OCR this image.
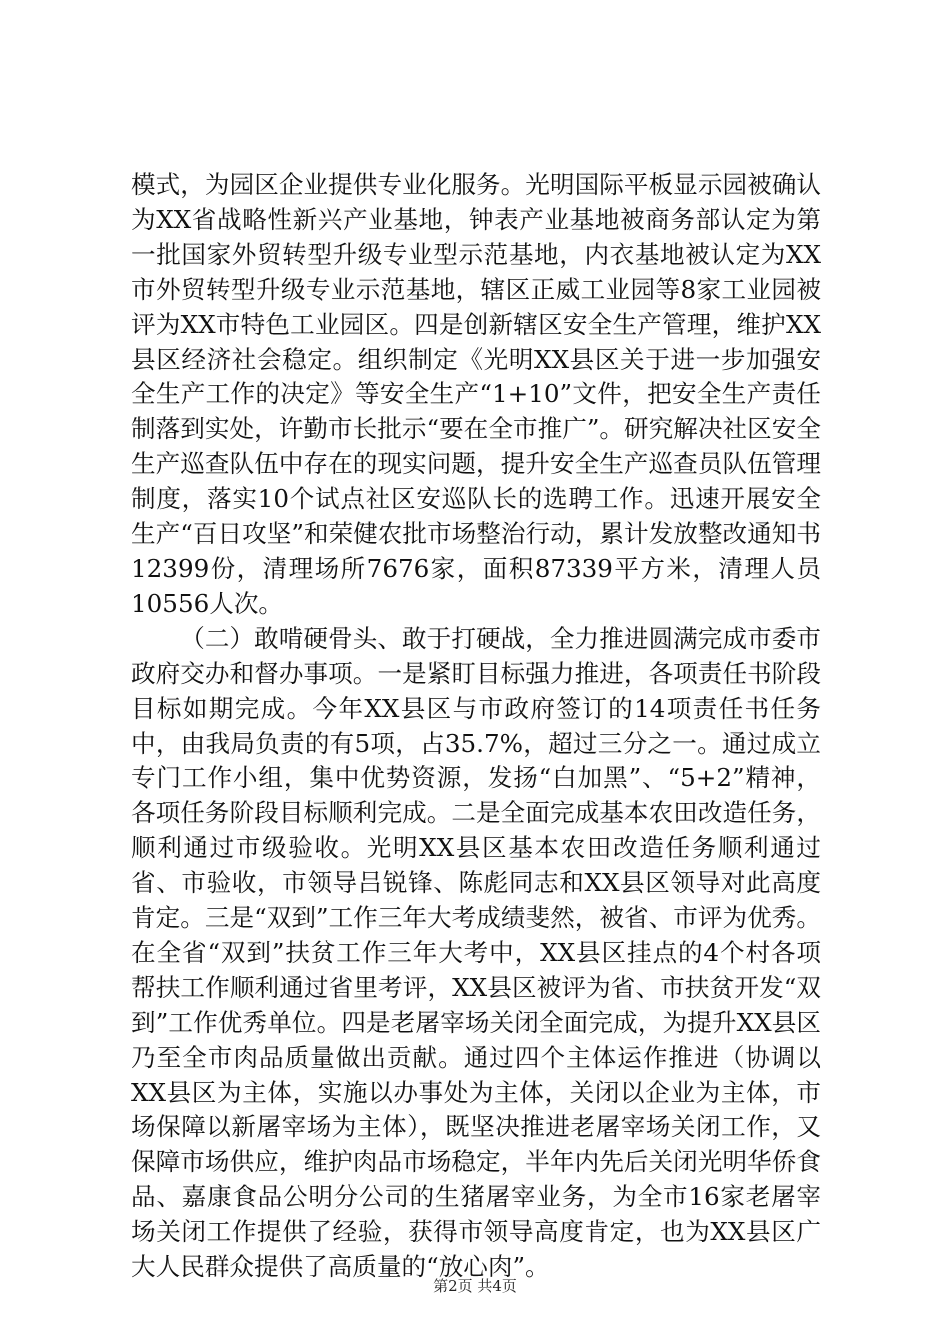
模式，为园区企业提供专业化服务。光明国际平板显示园被确认为XX省战略性新兴产业基地，钟表产业基地被商务部认定为第一批国家外贸转型升级专业型示范基地，内衣基地被认定为XX市外贸转型升级专业示范基地，辖区正威工业园等8家工业园被评为XX市特色工业园区。四是创新辖区安全生产管理，维护XX县区经济社会稳定。组织制定《光明XX县区关于进一步加强安全生产工作的决定》等安全生产“1+10”文件，把安全生产责任制落到实处，许勤市长批示“要在全市推广”。研究解决社区安全生产巡查队伍中存在的现实问题，提升安全生产巡查员队伍管理制度，落实10个试点社区安巡队长的选聘工作。迅速开展安全生产“百日攻坚”和荣健农批市场整治行动，累计发放整改通知书12399份，清理场所7676家，面积87339平方米，清理人员10556人次。

（二）敢啃硬骨头、敢于打硬战，全力推进圆满完成市委市政府交办和督办事项。一是紧盯目标强力推进，各项责任书阶段目标如期完成。今年XX县区与市政府签订的14项责任书任务中，由我局负责的有5项，占35.7%，超过三分之一。通过成立专门工作小组，集中优势资源，发扬“白加黑”、“5+2”精神，各项任务阶段目标顺利完成。二是全面完成基本农田改造任务，顺利通过市级验收。光明XX县区基本农田改造任务顺利通过省、市验收，市领导吕锐锋、陈彪同志和XX县区领导对此高度肯定。三是“双到”工作三年大考成绩斐然，被省、市评为优秀。在全省“双到”扶贫工作三年大考中，XX县区挂点的4个村各项帮扶工作顺利通过省里考评，XX县区被评为省、市扶贫开发“双到”工作优秀单位。四是老屠宰场关闭全面完成，为提升XX县区乃至全市肉品质量做出贡献。通过四个主体运作推进（协调以XX县区为主体，实施以办事处为主体，关闭以企业为主体，市场保障以新屠宰场为主体），既坚决推进老屠宰场关闭工作，又保障市场供应，维护肉品市场稳定，半年内先后关闭光明华侨食品、嘉康食品公明分公司的生猪屠宰业务，为全市16家老屠宰场关闭工作提供了经验，获得市领导高度肯定，也为XX县区广大人民群众提供了高质量的“放心肉”。

第2页 共4页
